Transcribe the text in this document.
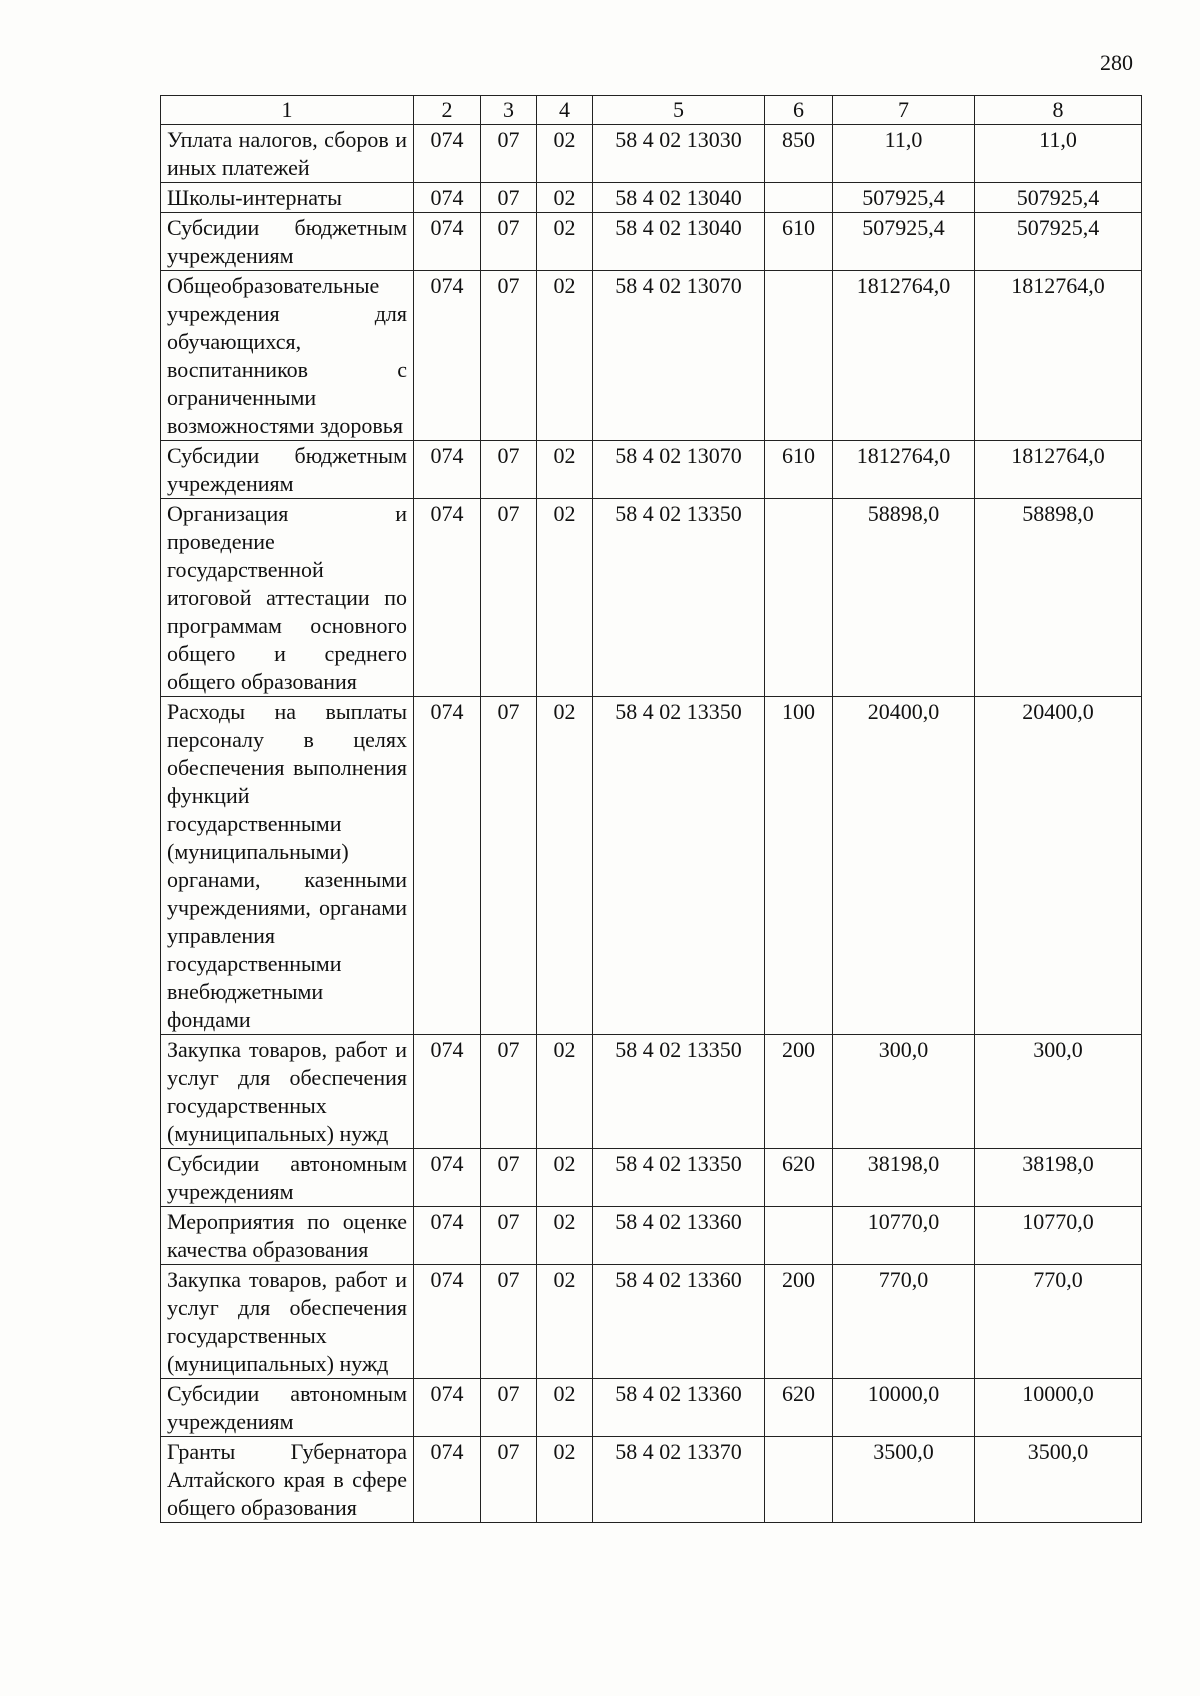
280
1	2	3	4	5	6	7	8
Уплата налогов, сборов и иных платежей	074	07	02	58 4 02 13030	850	11,0	11,0
Школы-интернаты	074	07	02	58 4 02 13040		507925,4	507925,4
Субсидии бюджетным учреждениям	074	07	02	58 4 02 13040	610	507925,4	507925,4
Общеобразовательные учреждения для обучающихся, воспитанников с ограниченными возможностями здоровья	074	07	02	58 4 02 13070		1812764,0	1812764,0
Субсидии бюджетным учреждениям	074	07	02	58 4 02 13070	610	1812764,0	1812764,0
Организация и проведение государственной итоговой аттестации по программам основного общего и среднего общего образования	074	07	02	58 4 02 13350		58898,0	58898,0
Расходы на выплаты персоналу в целях обеспечения выполнения функций государственными (муниципальными) органами, казенными учреждениями, органами управления государственными внебюджетными фондами	074	07	02	58 4 02 13350	100	20400,0	20400,0
Закупка товаров, работ и услуг для обеспечения государственных (муниципальных) нужд	074	07	02	58 4 02 13350	200	300,0	300,0
Субсидии автономным учреждениям	074	07	02	58 4 02 13350	620	38198,0	38198,0
Мероприятия по оценке качества образования	074	07	02	58 4 02 13360		10770,0	10770,0
Закупка товаров, работ и услуг для обеспечения государственных (муниципальных) нужд	074	07	02	58 4 02 13360	200	770,0	770,0
Субсидии автономным учреждениям	074	07	02	58 4 02 13360	620	10000,0	10000,0
Гранты Губернатора Алтайского края в сфере общего образования	074	07	02	58 4 02 13370		3500,0	3500,0
